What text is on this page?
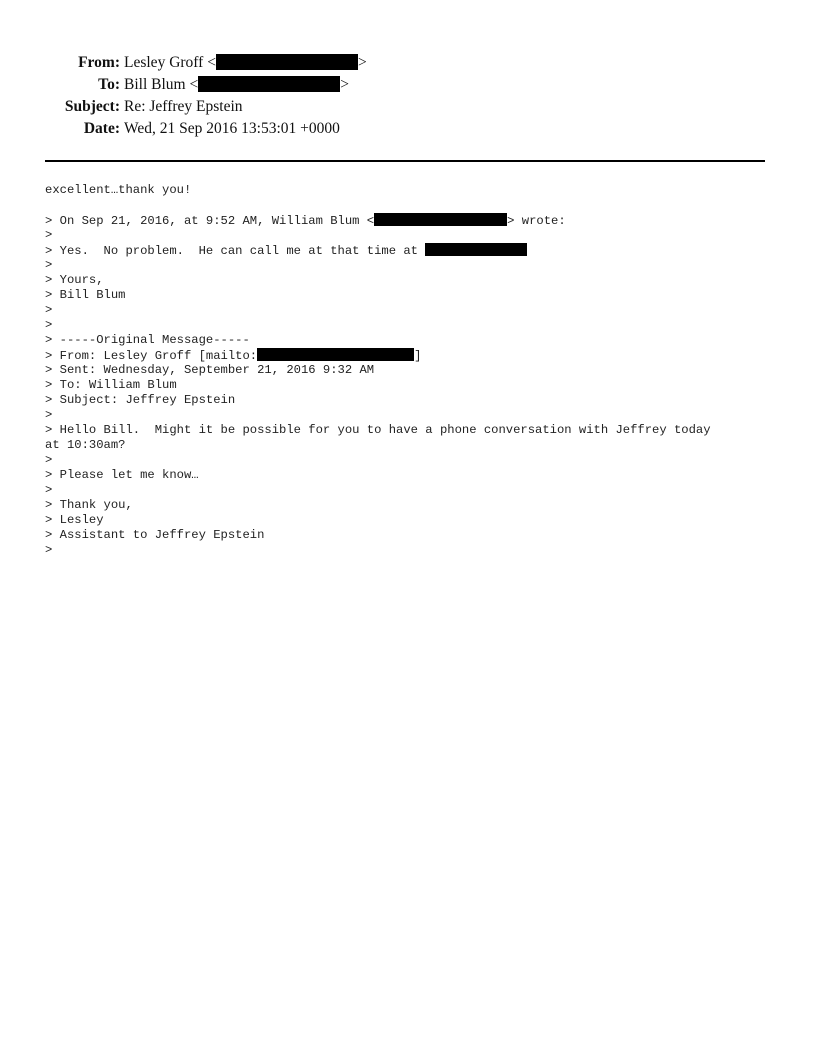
From: Lesley Groff <	>
To: Bill Blum <	>
Subject: Re: Jeffrey Epstein
Date: Wed, 21 Sep 2016 13:53:01 +0000
excellent…thank you!
> On Sep 21, 2016, at 9:52 AM, William Blum <	> wrote:
>
> Yes.  No problem.  He can call me at that time at
>
> Yours,
> Bill Blum
>
>
> -----Original Message-----
> From: Lesley Groff [mailto:	]
> Sent: Wednesday, September 21, 2016 9:32 AM
> To: William Blum
> Subject: Jeffrey Epstein
>
> Hello Bill.  Might it be possible for you to have a phone conversation with Jeffrey today
at 10:30am?
>
> Please let me know…
>
> Thank you,
> Lesley
> Assistant to Jeffrey Epstein
>
